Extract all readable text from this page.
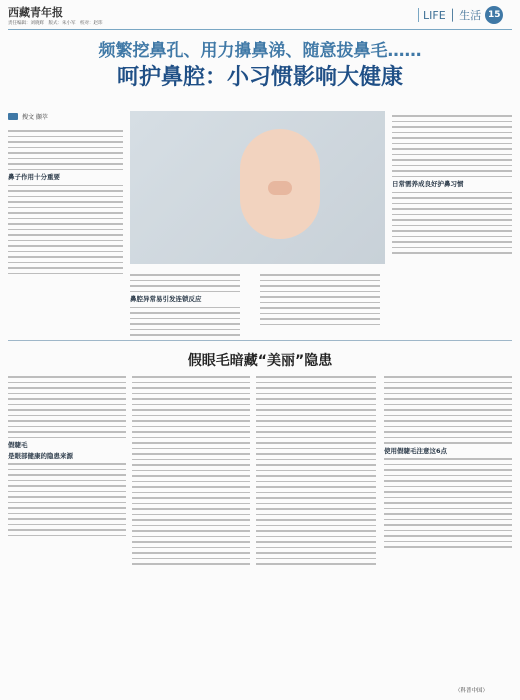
西藏青年报
责任编辑：刘晓辉　版式：朱小军　校对：赵玮
LIFE │ 生活 15
频繁挖鼻孔、用力擤鼻涕、随意拔鼻毛……
呵护鼻腔：小习惯影响大健康
搜文 撷萃
鼻子作用十分重要
鼻腔异常易引发连锁反应
日常需养成良好护鼻习惯
假眼毛暗藏“美丽”隐患
假睫毛
是眼部健康的隐患来源
使用假睫毛注意这6点
（科普中国）
